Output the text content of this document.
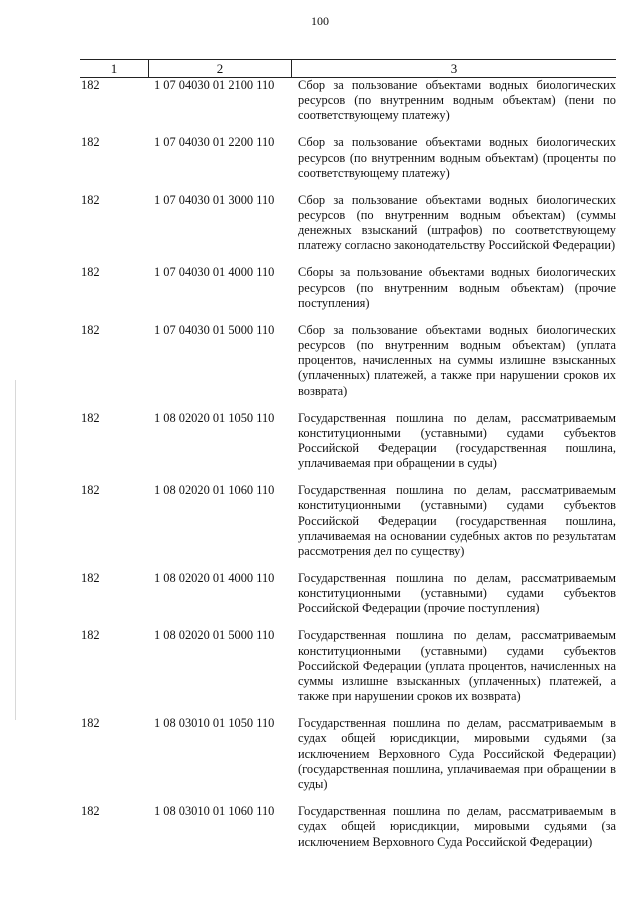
100
1	2	3
182	1 07 04030 01 2100 110	Сбор за пользование объектами водных биологических ресурсов (по внутренним водным объектам) (пени по соответствующему платежу)
182	1 07 04030 01 2200 110	Сбор за пользование объектами водных биологических ресурсов (по внутренним водным объектам) (проценты по соответствующему платежу)
182	1 07 04030 01 3000 110	Сбор за пользование объектами водных биологических ресурсов (по внутренним водным объектам) (суммы денежных взысканий (штрафов) по соответствующему платежу согласно законодательству Российской Федерации)
182	1 07 04030 01 4000 110	Сборы за пользование объектами водных биологических ресурсов (по внутренним водным объектам) (прочие поступления)
182	1 07 04030 01 5000 110	Сбор за пользование объектами водных биологических ресурсов (по внутренним водным объектам) (уплата процентов, начисленных на суммы излишне взысканных (уплаченных) платежей, а также при нарушении сроков их возврата)
182	1 08 02020 01 1050 110	Государственная пошлина по делам, рассматриваемым конституционными (уставными) судами субъектов Российской Федерации (государственная пошлина, уплачиваемая при обращении в суды)
182	1 08 02020 01 1060 110	Государственная пошлина по делам, рассматриваемым конституционными (уставными) судами субъектов Российской Федерации (государственная пошлина, уплачиваемая на основании судебных актов по результатам рассмотрения дел по существу)
182	1 08 02020 01 4000 110	Государственная пошлина по делам, рассматриваемым конституционными (уставными) судами субъектов Российской Федерации (прочие поступления)
182	1 08 02020 01 5000 110	Государственная пошлина по делам, рассматриваемым конституционными (уставными) судами субъектов Российской Федерации (уплата процентов, начисленных на суммы излишне взысканных (уплаченных) платежей, а также при нарушении сроков их возврата)
182	1 08 03010 01 1050 110	Государственная пошлина по делам, рассматриваемым в судах общей юрисдикции, мировыми судьями (за исключением Верховного Суда Российской Федерации) (государственная пошлина, уплачиваемая при обращении в суды)
182	1 08 03010 01 1060 110	Государственная пошлина по делам, рассматриваемым в судах общей юрисдикции, мировыми судьями (за исключением Верховного Суда Российской Федерации)
